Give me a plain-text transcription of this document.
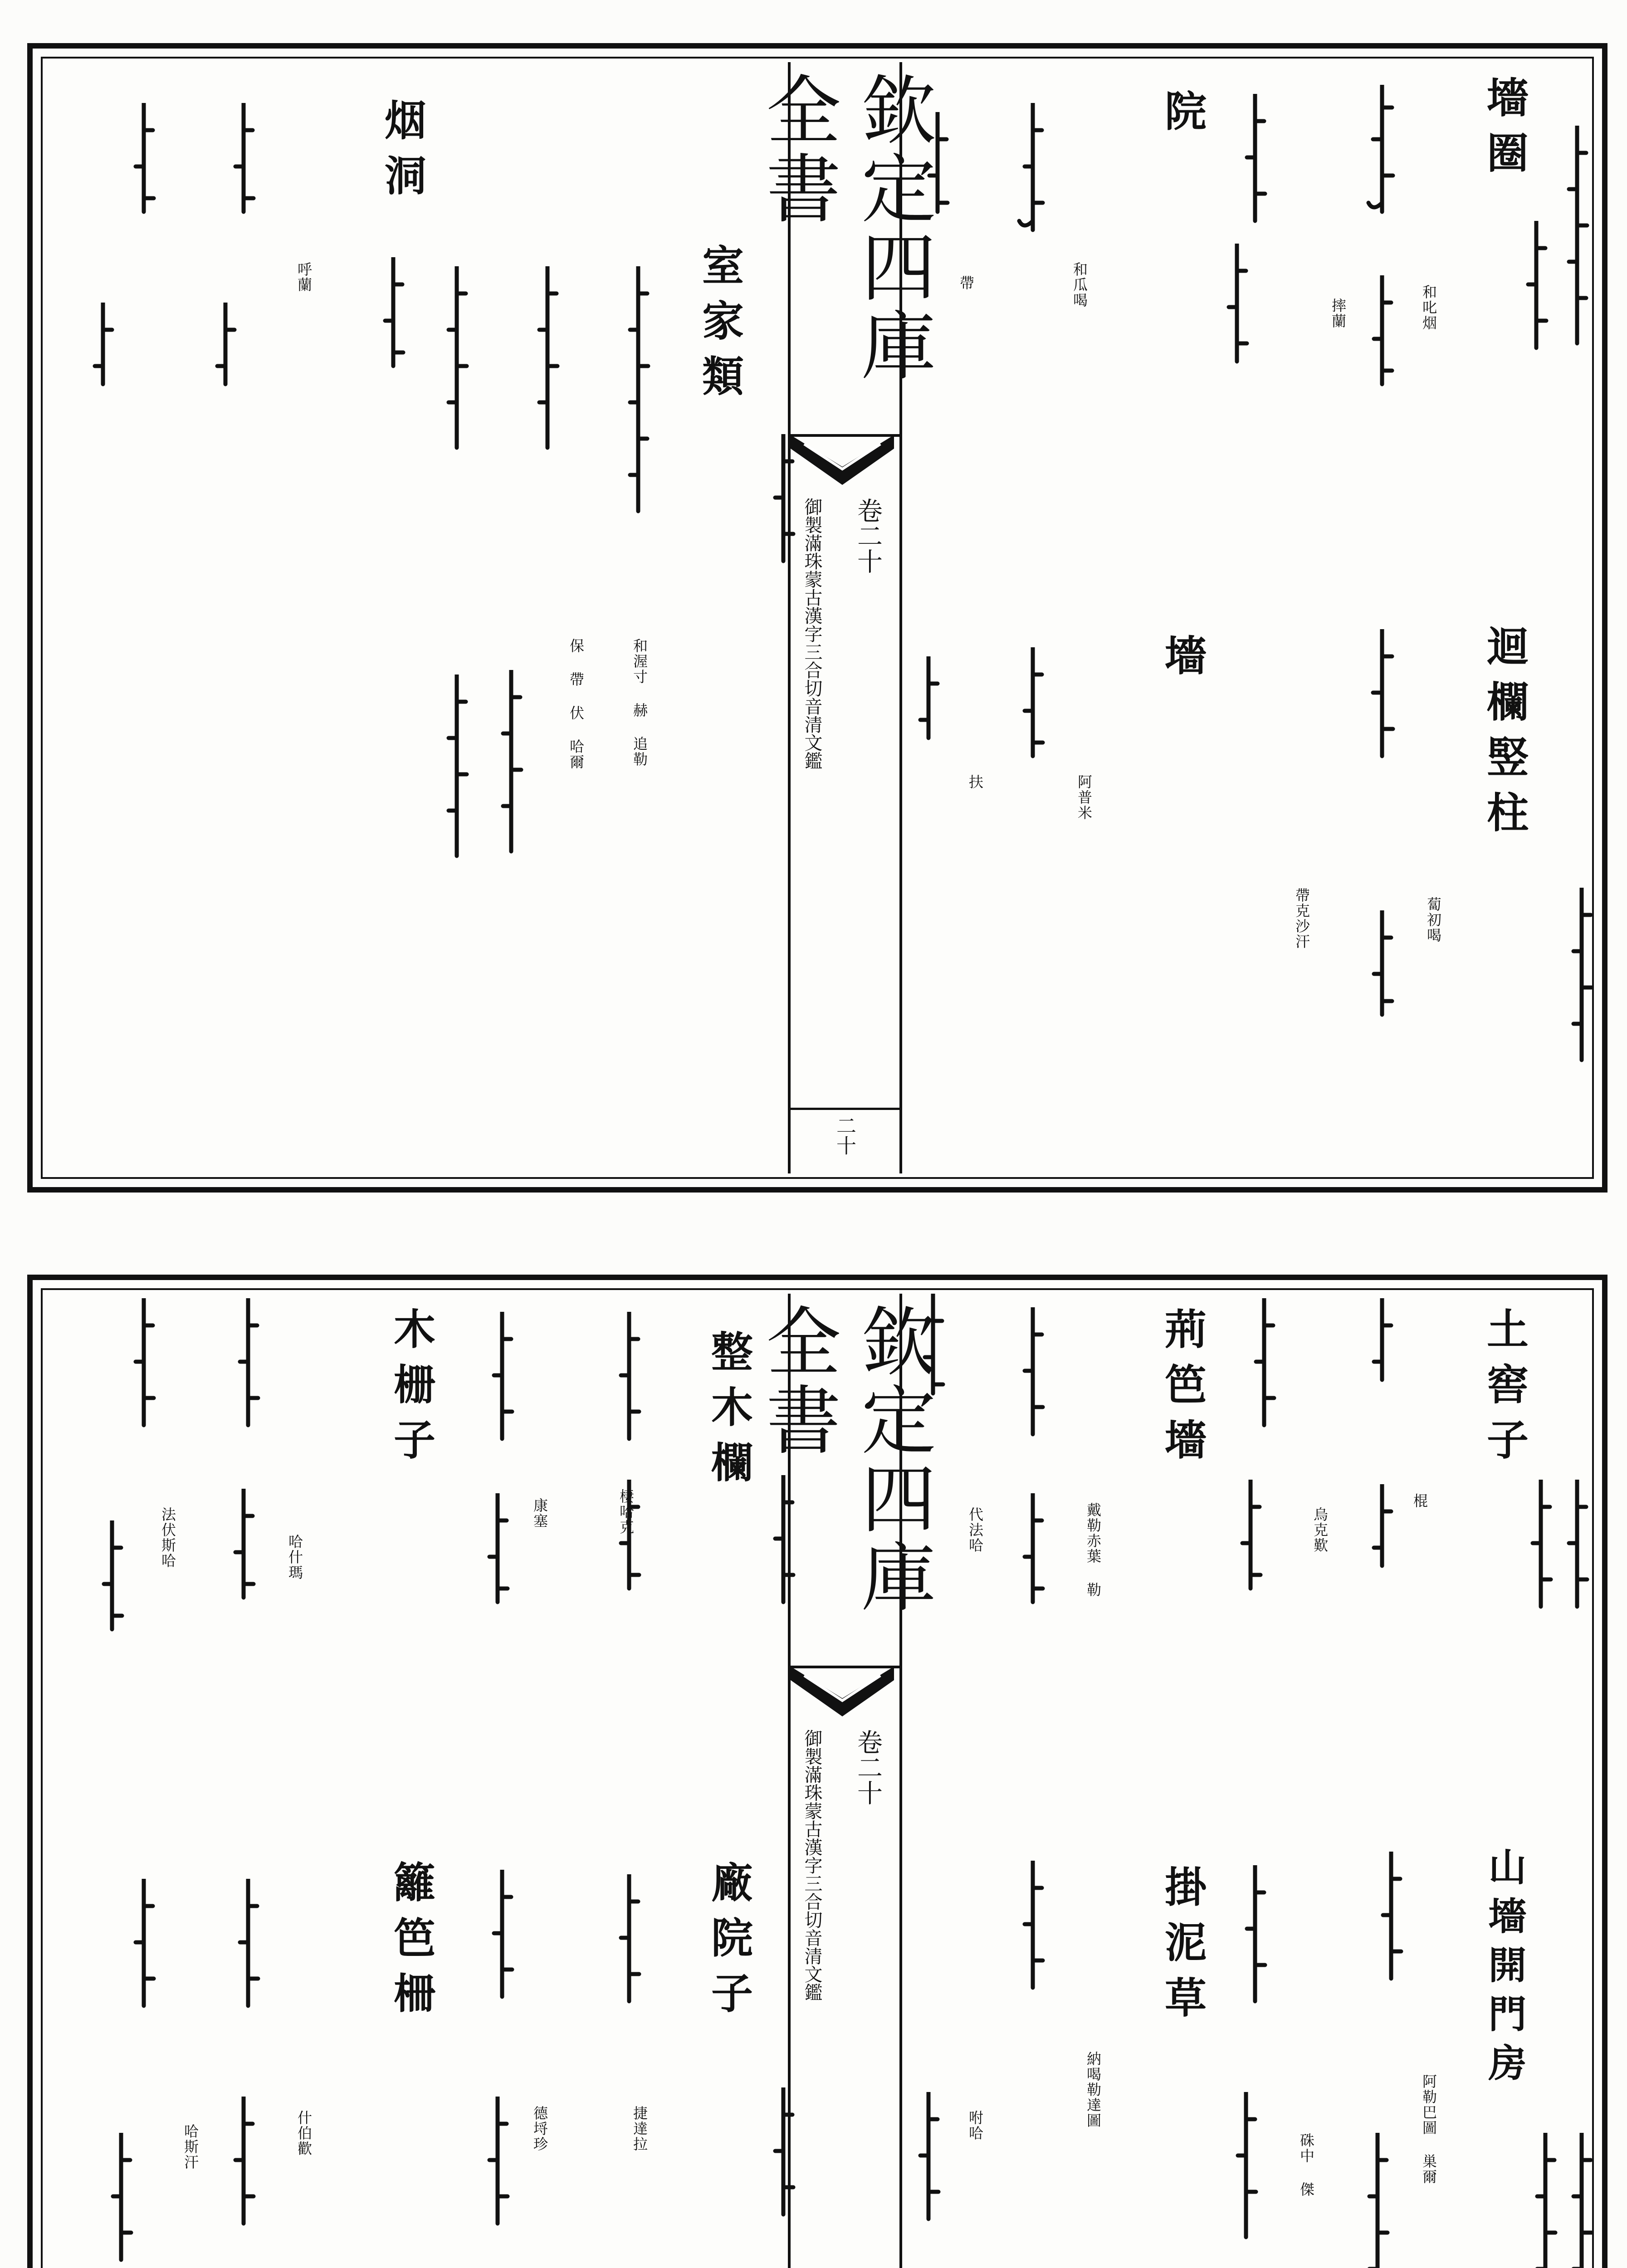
欽定四庫全書
御製滿珠蒙古漢字三合切音清文鑑 卷二十
二十
墻圈
和叱烟
迴欄竪柱
蔔初喝
院
和瓜喝
墻
阿普米
摔蘭
帶克沙汗
帶
扶
室家類
和渥寸 赫 追勒
保 帶 伏 哈爾
烟洞
呼蘭
欽定四庫全書
御製滿珠蒙古漢字三合切音清文鑑 卷二十
土窖子
棍
山墻開門房
阿勒巴圖 巣爾
荊笆墻
戴勒赤葉 勒
掛泥草
納喝勒達圖
烏克歎
代法哈
硃中 傑
咐哈
整木欄
棲哈克
廠院子
捷達拉
木栅子
哈什瑪
籬笆柵
什伯歡
康塞
德埒珍
法伏斯哈
哈斯汗
